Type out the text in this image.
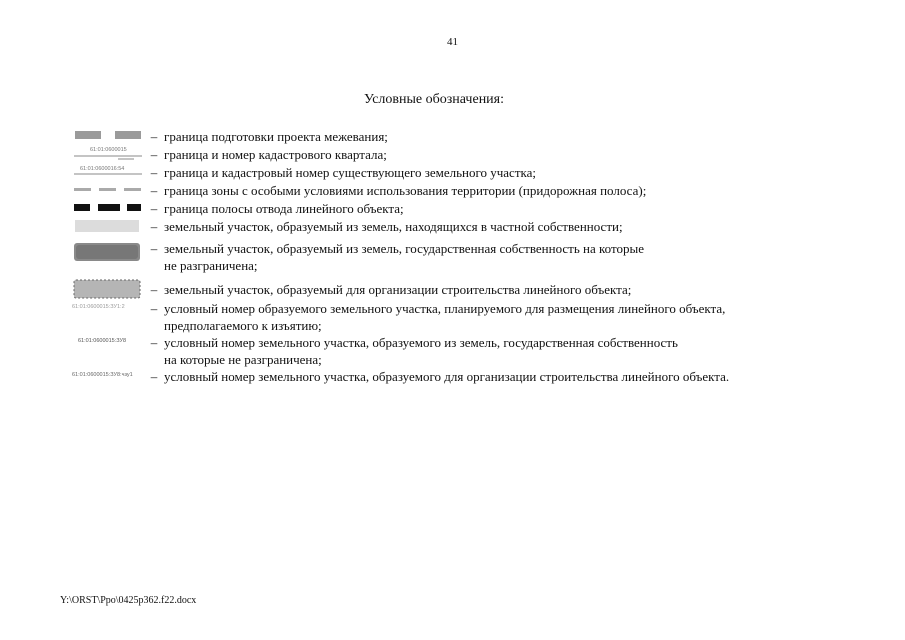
41
Условные обозначения:
– граница подготовки проекта межевания;
61:01:0600015	– граница и номер кадастрового квартала;
61:01:0600016:54	– граница и кадастровый номер существующего земельного участка;
– граница зоны с особыми условиями использования территории (придорожная полоса);
– граница полосы отвода линейного объекта;
– земельный участок, образуемый из земель, находящихся в частной собственности;
– земельный участок, образуемый из земель, государственная собственность на которые
не разграничена;
– земельный участок, образуемый для организации строительства линейного объекта;
61:01:0600015:ЗУ1:2	– условный номер образуемого земельного участка, планируемого для размещения линейного объекта,
предполагаемого к изъятию;
61:01:0600015:ЗУ8	– условный номер земельного участка, образуемого из земель, государственная собственность
на которые не разграничена;
61:01:0600015:ЗУ8:чзу1	– условный номер земельного участка, образуемого для организации строительства линейного объекта.
Y:\ORST\Ppo\0425p362.f22.docx
